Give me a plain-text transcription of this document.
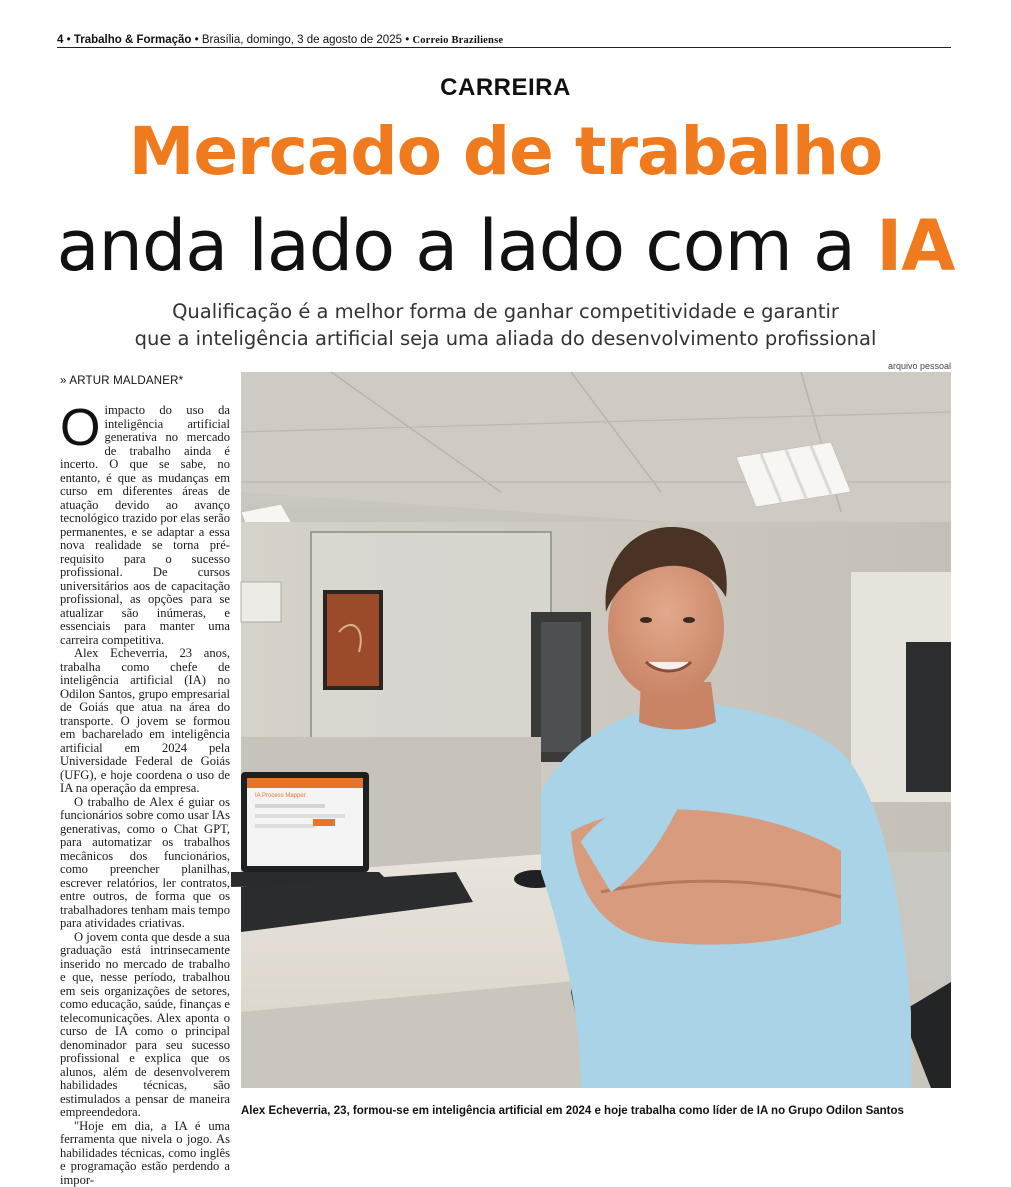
4 • Trabalho & Formação • Brasília, domingo, 3 de agosto de 2025 • Correio Braziliense
CARREIRA
Mercado de trabalho
anda lado a lado com a IA
Qualificação é a melhor forma de ganhar competitividade e garantir
que a inteligência artificial seja uma aliada do desenvolvimento profissional
arquivo pessoal
» ARTUR MALDANER*

Oimpacto do uso da inteligência artificial generativa no mercado de trabalho ainda é incerto. O que se sabe, no entanto, é que as mudanças em curso em diferentes áreas de atuação devido ao avanço tecnológico trazido por elas serão permanentes, e se adaptar a essa nova realidade se torna pré-requisito para o sucesso profissional. De cursos universitários aos de capacitação profissional, as opções para se atualizar são inúmeras, e essenciais para manter uma carreira competitiva.

Alex Echeverria, 23 anos, trabalha como chefe de inteligência artificial (IA) no Odilon Santos, grupo empresarial de Goiás que atua na área do transporte. O jovem se formou em bacharelado em inteligência artificial em 2024 pela Universidade Federal de Goiás (UFG), e hoje coordena o uso de IA na operação da empresa.

O trabalho de Alex é guiar os funcionários sobre como usar IAs generativas, como o Chat GPT, para automatizar os trabalhos mecânicos dos funcionários, como preencher planilhas, escrever relatórios, ler contratos, entre outros, de forma que os trabalhadores tenham mais tempo para atividades criativas.

O jovem conta que desde a sua graduação está intrinsecamente inserido no mercado de trabalho e que, nesse período, trabalhou em seis organizações de setores, como educação, saúde, finanças e telecomunicações. Alex aponta o curso de IA como o principal denominador para seu sucesso profissional e explica que os alunos, além de desenvolverem habilidades técnicas, são estimulados a pensar de maneira empreendedora.

"Hoje em dia, a IA é uma ferramenta que nivela o jogo. As habilidades técnicas, como inglês e programação estão perdendo a impor-

IA Process Mapper
Alex Echeverria, 23, formou-se em inteligência artificial em 2024 e hoje trabalha como líder de IA no Grupo Odilon Santos
